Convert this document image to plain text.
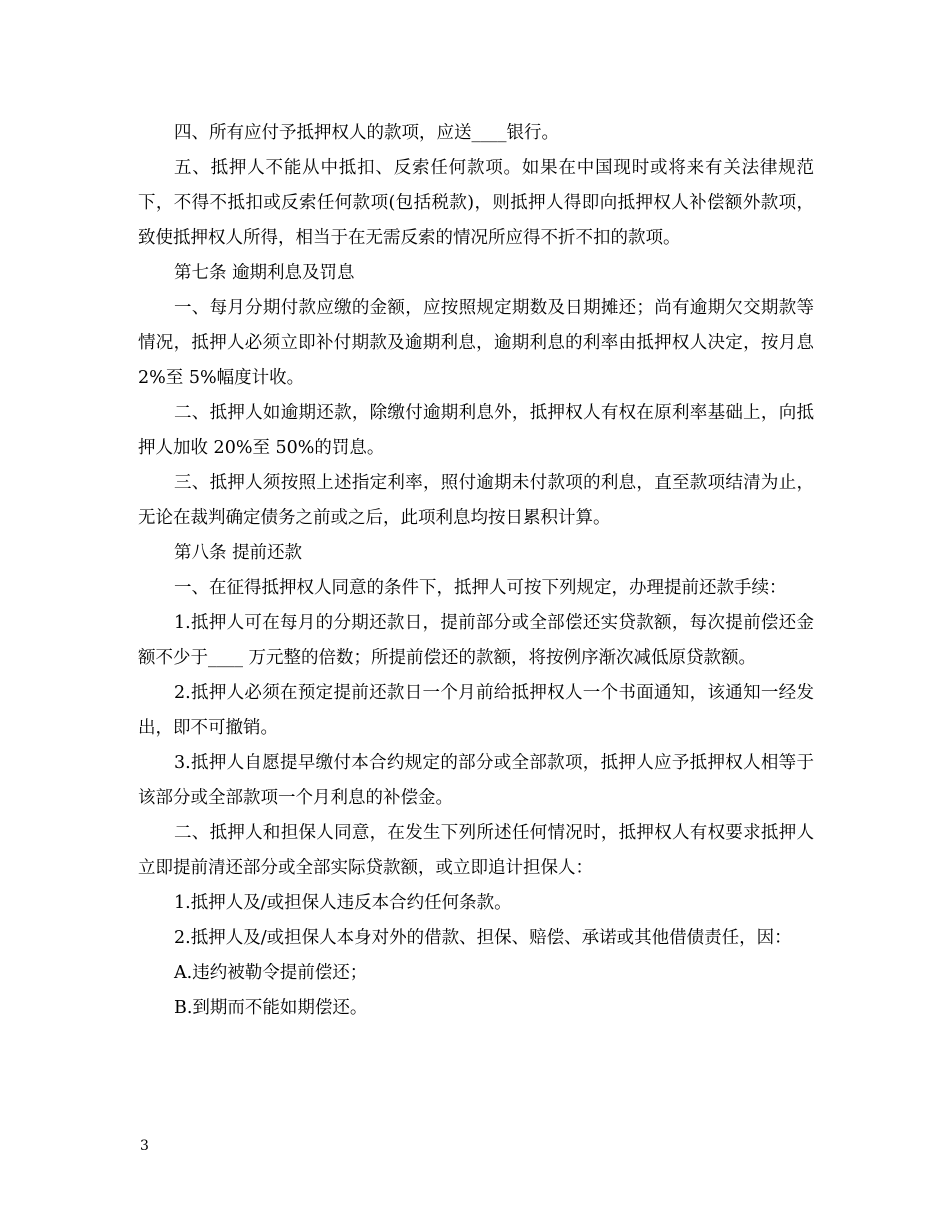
四、所有应付予抵押权人的款项，应送____银行。

五、抵押人不能从中抵扣、反索任何款项。如果在中国现时或将来有关法律规范下，不得不抵扣或反索任何款项(包括税款)，则抵押人得即向抵押权人补偿额外款项，致使抵押权人所得，相当于在无需反索的情况所应得不折不扣的款项。

第七条 逾期利息及罚息

一、每月分期付款应缴的金额，应按照规定期数及日期摊还；尚有逾期欠交期款等情况，抵押人必须立即补付期款及逾期利息，逾期利息的利率由抵押权人决定，按月息 2%至 5%幅度计收。

二、抵押人如逾期还款，除缴付逾期利息外，抵押权人有权在原利率基础上，向抵押人加收 20%至 50%的罚息。

三、抵押人须按照上述指定利率，照付逾期未付款项的利息，直至款项结清为止，无论在裁判确定债务之前或之后，此项利息均按日累积计算。

第八条 提前还款

一、在征得抵押权人同意的条件下，抵押人可按下列规定，办理提前还款手续：

1.抵押人可在每月的分期还款日，提前部分或全部偿还实贷款额，每次提前偿还金额不少于____ 万元整的倍数；所提前偿还的款额，将按例序渐次减低原贷款额。

2.抵押人必须在预定提前还款日一个月前给抵押权人一个书面通知，该通知一经发出，即不可撤销。

3.抵押人自愿提早缴付本合约规定的部分或全部款项，抵押人应予抵押权人相等于该部分或全部款项一个月利息的补偿金。

二、抵押人和担保人同意，在发生下列所述任何情况时，抵押权人有权要求抵押人立即提前清还部分或全部实际贷款额，或立即追计担保人：

1.抵押人及/或担保人违反本合约任何条款。

2.抵押人及/或担保人本身对外的借款、担保、赔偿、承诺或其他借债责任，因：

A.违约被勒令提前偿还；

B.到期而不能如期偿还。

3
